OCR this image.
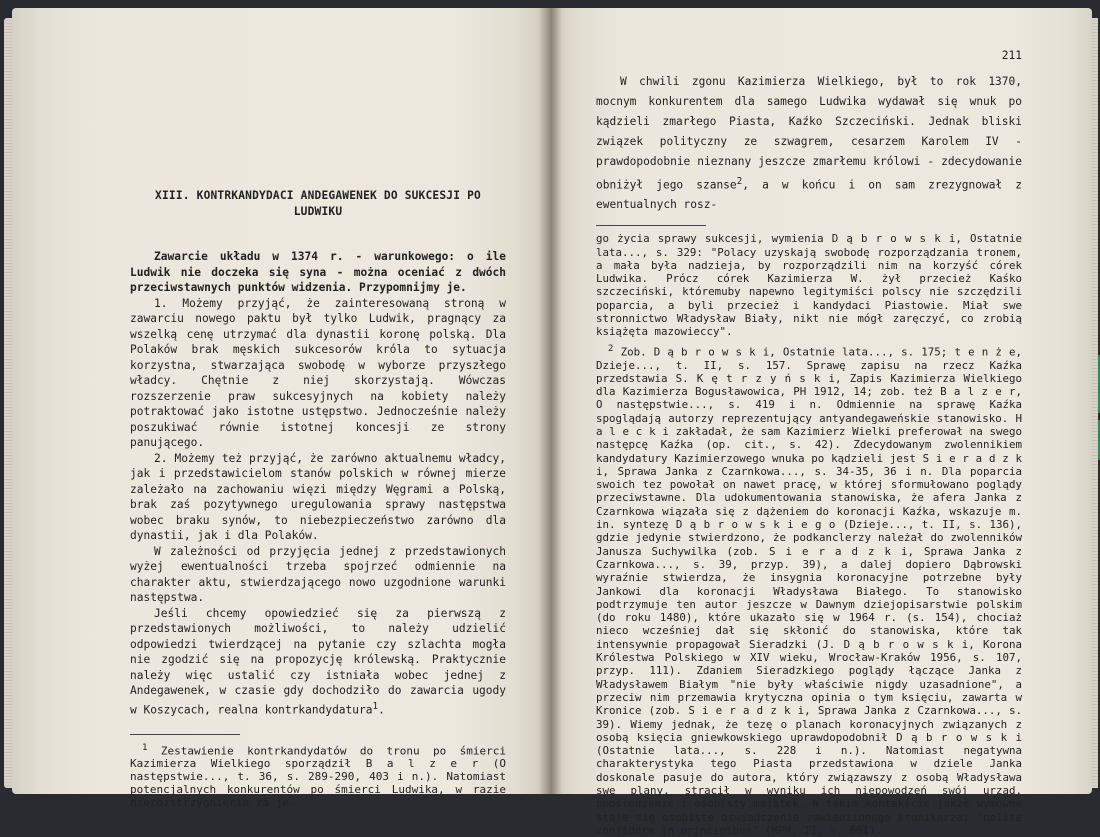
XIII. KONTRKANDYDACI ANDEGAWENEK DO SUKCESJI PO LUDWIKU

Zawarcie układu w 1374 r. - warunkowego: o ile Ludwik nie doczeka się syna - można oceniać z dwóch przeciwstawnych punktów widzenia. Przypomnijmy je.

1. Możemy przyjąć, że zainteresowaną stroną w zawarciu nowego paktu był tylko Ludwik, pragnący za wszelką cenę utrzymać dla dynastii koronę polską. Dla Polaków brak męskich sukcesorów króla to sytuacja korzystna, stwarzająca swobodę w wyborze przyszłego władcy. Chętnie z niej skorzystają. Wówczas rozszerzenie praw sukcesyjnych na kobiety należy potraktować jako istotne ustępstwo. Jednocześnie należy poszukiwać równie istotnej koncesji ze strony panującego.

2. Możemy też przyjąć, że zarówno aktualnemu władcy, jak i przedstawicielom stanów polskich w równej mierze zależało na zachowaniu więzi między Węgrami a Polską, brak zaś pozytywnego uregulowania sprawy następstwa wobec braku synów, to niebezpieczeństwo zarówno dla dynastii, jak i dla Polaków.

W zależności od przyjęcia jednej z przedstawionych wyżej ewentualności trzeba spojrzeć odmiennie na charakter aktu, stwierdzającego nowo uzgodnione warunki następstwa.

Jeśli chcemy opowiedzieć się za pierwszą z przedstawionych możliwości, to należy udzielić odpowiedzi twierdzącej na pytanie czy szlachta mogła nie zgodzić się na propozycję królewską. Praktycznie należy więc ustalić czy istniała wobec jednej z Andegawenek, w czasie gdy dochodziło do zawarcia ugody w Koszycach, realna kontrkandydatura$^1$.

$^1$ Zestawienie kontrkandydatów do tronu po śmierci Kazimierza Wielkiego sporządził B a l z e r (O następstwie..., t. 36, s. 289-290, 403 i n.). Natomiast potencjalnych konkurentów po śmierci Ludwika, w razie nierozstrzygnięcia za je-

211

W chwili zgonu Kazimierza Wielkiego, był to rok 1370, mocnym konkurentem dla samego Ludwika wydawał się wnuk po kądzieli zmarłego Piasta, Kaźko Szczeciński. Jednak bliski związek polityczny ze szwagrem, cesarzem Karolem IV - prawdopodobnie nieznany jeszcze zmarłemu królowi - zdecydowanie obniżył jego szanse$^2$, a w końcu i on sam zrezygnował z ewentualnych rosz-

go życia sprawy sukcesji, wymienia D ą b r o w s k i, Ostatnie lata..., s. 329: "Polacy uzyskają swobodę rozporządzania tronem, a mała była nadzieja, by rozporządzili nim na korzyść córek Ludwika. Prócz córek Kazimierza W. żył przecież Kaśko szczeciński, któremuby napewno legitymiści polscy nie szczędzili poparcia, a byli przecież i kandydaci Piastowie. Miał swe stronnictwo Władysław Biały, nikt nie mógł zaręczyć, co zrobią książęta mazowieccy".

$^2$ Zob. D ą b r o w s k i, Ostatnie lata..., s. 175; t e n ż e, Dzieje..., t. II, s. 157. Sprawę zapisu na rzecz Kaźka przedstawia S. K ę t r z y ń s k i, Zapis Kazimierza Wielkiego dla Kazimierza Bogusławowica, PH 1912, 14; zob. też B a l z e r, O następstwie..., s. 419 i n. Odmiennie na sprawę Kaźka spoglądają autorzy reprezentujący antyandegaweńskie stanowisko. H a l e c k i zakładał, że sam Kazimierz Wielki preferował na swego następcę Kaźka (op. cit., s. 42). Zdecydowanym zwolennikiem kandydatury Kazimierzowego wnuka po kądzieli jest S i e r a d z k i, Sprawa Janka z Czarnkowa..., s. 34-35, 36 i n. Dla poparcia swoich tez powołał on nawet pracę, w której sformułowano poglądy przeciwstawne. Dla udokumentowania stanowiska, że afera Janka z Czarnkowa wiązała się z dążeniem do koronacji Kaźka, wskazuje m. in. syntezę D ą b r o w s k i e g o (Dzieje..., t. II, s. 136), gdzie jedynie stwierdzono, że podkanclerzy należał do zwolenników Janusza Suchywilka (zob. S i e r a d z k i, Sprawa Janka z Czarnkowa..., s. 39, przyp. 39), a dalej dopiero Dąbrowski wyraźnie stwierdza, że insygnia koronacyjne potrzebne były Jankowi dla koronacji Władysława Białego. To stanowisko podtrzymuje ten autor jeszcze w Dawnym dziejopisarstwie polskim (do roku 1480), które ukazało się w 1964 r. (s. 154), chociaż nieco wcześniej dał się skłonić do stanowiska, które tak intensywnie propagował Sieradzki (J. D ą b r o w s k i, Korona Królestwa Polskiego w XIV wieku, Wrocław-Kraków 1956, s. 107, przyp. 111). Zdaniem Sieradzkiego poglądy łączące Janka z Władysławem Białym "nie były właściwie nigdy uzasadnione", a przeciw nim przemawia krytyczna opinia o tym księciu, zawarta w Kronice (zob. S i e r a d z k i, Sprawa Janka z Czarnkowa..., s. 39). Wiemy jednak, że tezę o planach koronacyjnych związanych z osobą księcia gniewkowskiego uprawdopodobnił D ą b r o w s k i (Ostatnie lata..., s. 228 i n.). Natomiast negatywna charakterystyka tego Piasta przedstawiona w dziele Janka doskonale pasuje do autora, który związawszy z osobą Władysława swe plany, stracił w wyniku ich niepowodzeń swój urząd, upośledzenie i osobisty majątek. W takim kontekście jakże wymowne staje się osobiste oświadczenie zawiedzionego kronikarza: "nolite confidere in principibus" (MPH, II, s. 661).
